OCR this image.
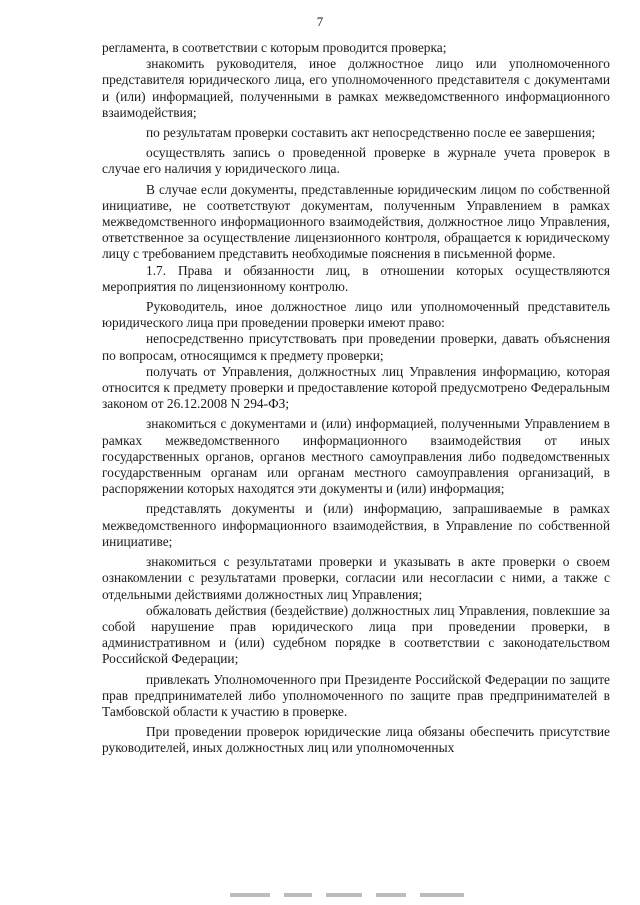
7

регламента, в соответствии с которым проводится проверка;

знакомить руководителя, иное должностное лицо или уполномоченного представителя юридического лица, его уполномоченного представителя с документами и (или) информацией, полученными в рамках межведомственного информационного взаимодействия;

по результатам проверки составить акт непосредственно после ее завершения;

осуществлять запись о проведенной проверке в журнале учета проверок в случае его наличия у юридического лица.

В случае если документы, представленные юридическим лицом по собственной инициативе, не соответствуют документам, полученным Управлением в рамках межведомственного информационного взаимодействия, должностное лицо Управления, ответственное за осуществление лицензионного контроля, обращается к юридическому лицу с требованием представить необходимые пояснения в письменной форме.

1.7. Права и обязанности лиц, в отношении которых осуществляются мероприятия по лицензионному контролю.

Руководитель, иное должностное лицо или уполномоченный представитель юридического лица при проведении проверки имеют право:

непосредственно присутствовать при проведении проверки, давать объяснения по вопросам, относящимся к предмету проверки;

получать от Управления, должностных лиц Управления информацию, которая относится к предмету проверки и предоставление которой предусмотрено Федеральным законом от 26.12.2008 N 294-ФЗ;

знакомиться с документами и (или) информацией, полученными Управлением в рамках межведомственного информационного взаимодействия от иных государственных органов, органов местного самоуправления либо подведомственных государственным органам или органам местного самоуправления организаций, в распоряжении которых находятся эти документы и (или) информация;

представлять документы и (или) информацию, запрашиваемые в рамках межведомственного информационного взаимодействия, в Управление по собственной инициативе;

знакомиться с результатами проверки и указывать в акте проверки о своем ознакомлении с результатами проверки, согласии или несогласии с ними, а также с отдельными действиями должностных лиц Управления;

обжаловать действия (бездействие) должностных лиц Управления, повлекшие за собой нарушение прав юридического лица при проведении проверки, в административном и (или) судебном порядке в соответствии с законодательством Российской Федерации;

привлекать Уполномоченного при Президенте Российской Федерации по защите прав предпринимателей либо уполномоченного по защите прав предпринимателей в Тамбовской области к участию в проверке.

При проведении проверок юридические лица обязаны обеспечить присутствие руководителей, иных должностных лиц или уполномоченных
